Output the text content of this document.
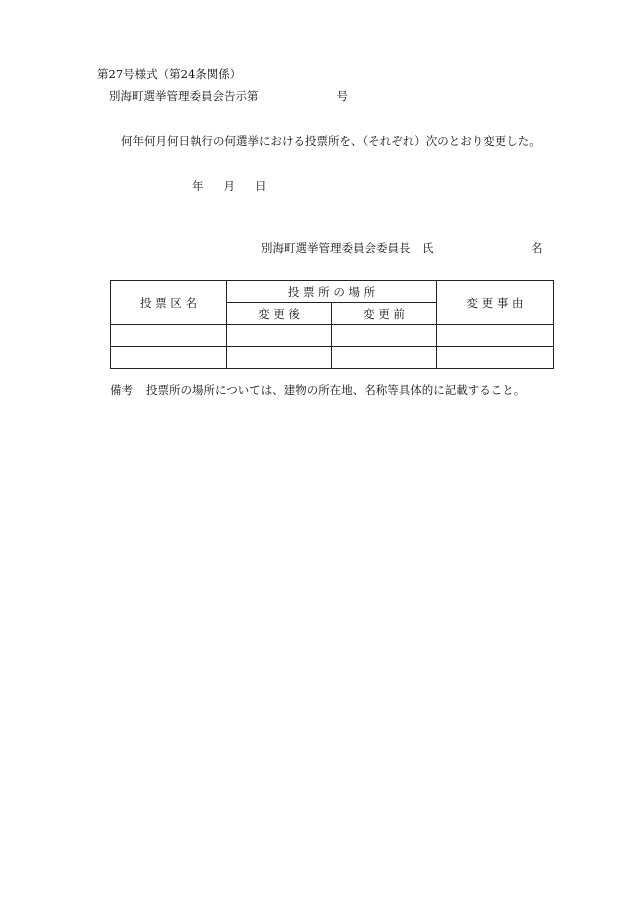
第27号様式（第24条関係）
別海町選挙管理委員会告示第	号
何年何月何日執行の何選挙における投票所を、（それぞれ）次のとおり変更した。
年 月 日
別海町選挙管理委員会委員長　氏	名
投 票 区 名	投 票 所 の 場 所		変 更 事 由
	変 更 後	変 更 前	

備考 投票所の場所については、建物の所在地、名称等具体的に記載すること。
